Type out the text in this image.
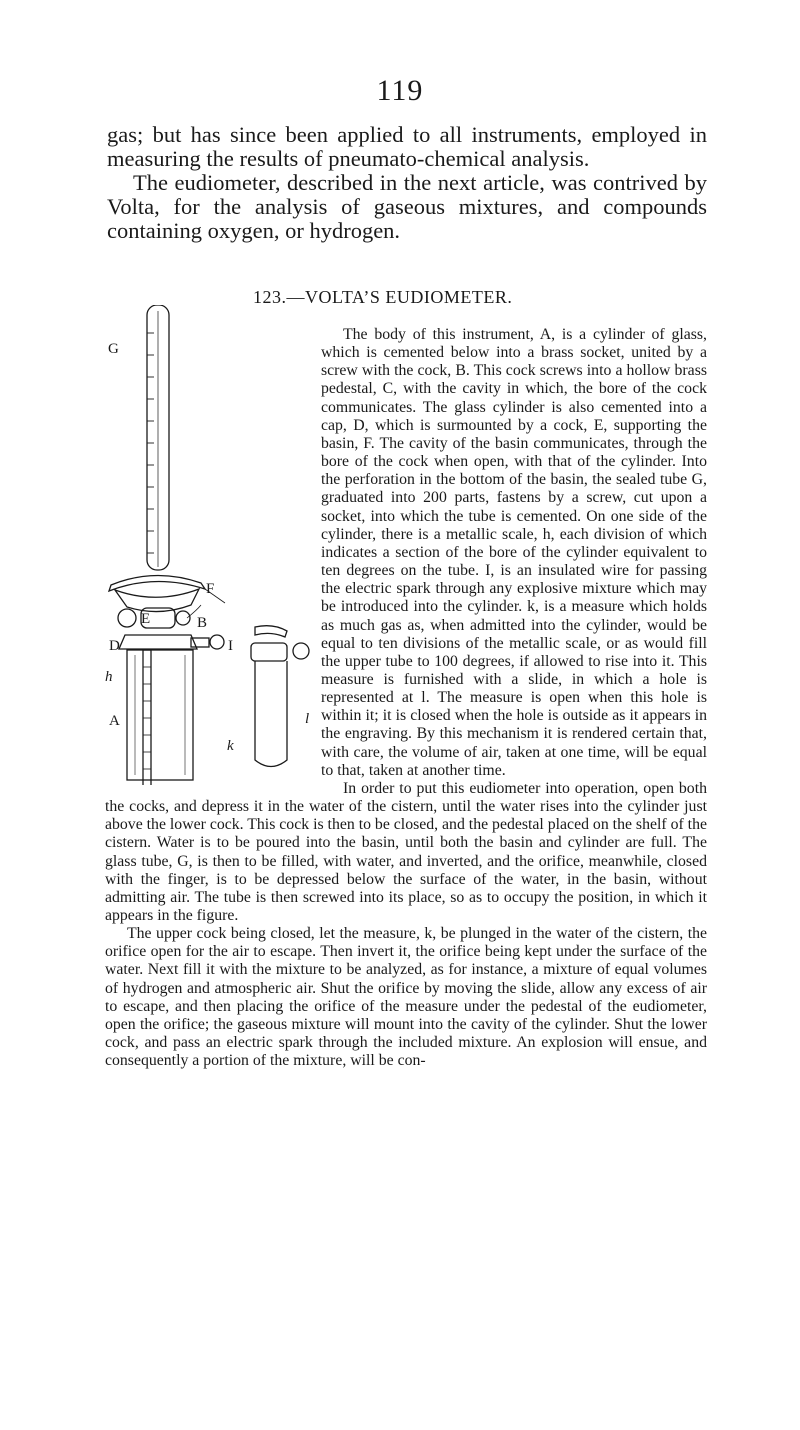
119

gas; but has since been applied to all instruments, employed in measuring the results of pneumato-chemical analysis.

The eudiometer, described in the next article, was contrived by Volta, for the analysis of gaseous mixtures, and compounds containing oxygen, or hydrogen.

123.—VOLTA’S EUDIOMETER.
G
F
E	B
D	I
h
A	l
k

The body of this instrument, A, is a cylinder of glass, which is cemented below into a brass socket, united by a screw with the cock, B. This cock screws into a hollow brass pedestal, C, with the cavity in which, the bore of the cock communicates. The glass cylinder is also cemented into a cap, D, which is surmounted by a cock, E, supporting the basin, F. The cavity of the basin communicates, through the bore of the cock when open, with that of the cylinder. Into the perforation in the bottom of the basin, the sealed tube G, graduated into 200 parts, fastens by a screw, cut upon a socket, into which the tube is cemented. On one side of the cylinder, there is a metallic scale, h, each division of which indicates a section of the bore of the cylinder equivalent to ten degrees on the tube. I, is an insulated wire for passing the electric spark through any explosive mixture which may be introduced into the cylinder. k, is a measure which holds as much gas as, when admitted into the cylinder, would be equal to ten divisions of the metallic scale, or as would fill the upper tube to 100 degrees, if allowed to rise into it. This measure is furnished with a slide, in which a hole is represented at l. The measure is open when this hole is within it; it is closed when the hole is outside as it appears in the engraving. By this mechanism it is rendered certain that, with care, the volume of air, taken at one time, will be equal to that, taken at another time.

In order to put this eudiometer into operation, open both the cocks, and depress it in the water of the cistern, until the water rises into the cylinder just above the lower cock. This cock is then to be closed, and the pedestal placed on the shelf of the cistern. Water is to be poured into the basin, until both the basin and cylinder are full. The glass tube, G, is then to be filled, with water, and inverted, and the orifice, meanwhile, closed with the finger, is to be depressed below the surface of the water, in the basin, without admitting air. The tube is then screwed into its place, so as to occupy the position, in which it appears in the figure.

The upper cock being closed, let the measure, k, be plunged in the water of the cistern, the orifice open for the air to escape. Then invert it, the orifice being kept under the surface of the water. Next fill it with the mixture to be analyzed, as for instance, a mixture of equal volumes of hydrogen and atmospheric air. Shut the orifice by moving the slide, allow any excess of air to escape, and then placing the orifice of the measure under the pedestal of the eudiometer, open the orifice; the gaseous mixture will mount into the cavity of the cylinder. Shut the lower cock, and pass an electric spark through the included mixture. An explosion will ensue, and consequently a portion of the mixture, will be con-
